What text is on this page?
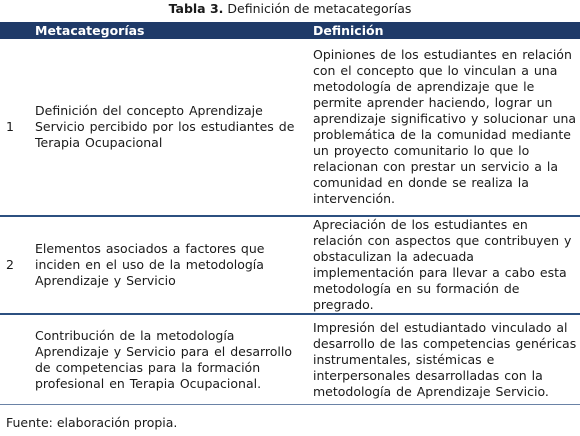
Tabla 3. Definición de metacategorías
	Metacategorías	Definición
1	Definición del concepto Aprendizaje Servicio percibido por los estudiantes de Terapia Ocupacional	Opiniones de los estudiantes en relación con el concepto que lo vinculan a una metodología de aprendizaje que le permite aprender haciendo, lograr un aprendizaje significativo y solucionar una problemática de la comunidad mediante un proyecto comunitario lo que lo relacionan con prestar un servicio a la comunidad en donde se realiza la intervención.
2	Elementos asociados a factores que inciden en el uso de la metodología Aprendizaje y Servicio	Apreciación de los estudiantes en relación con aspectos que contribuyen y obstaculizan la adecuada implementación para llevar a cabo esta metodología en su formación de pregrado.
	Contribución de la metodología Aprendizaje y Servicio para el desarrollo de competencias para la formación profesional en Terapia Ocupacional.	Impresión del estudiantado vinculado al desarrollo de las competencias genéricas instrumentales, sistémicas e interpersonales desarrolladas con la metodología de Aprendizaje Servicio.
Fuente: elaboración propia.
